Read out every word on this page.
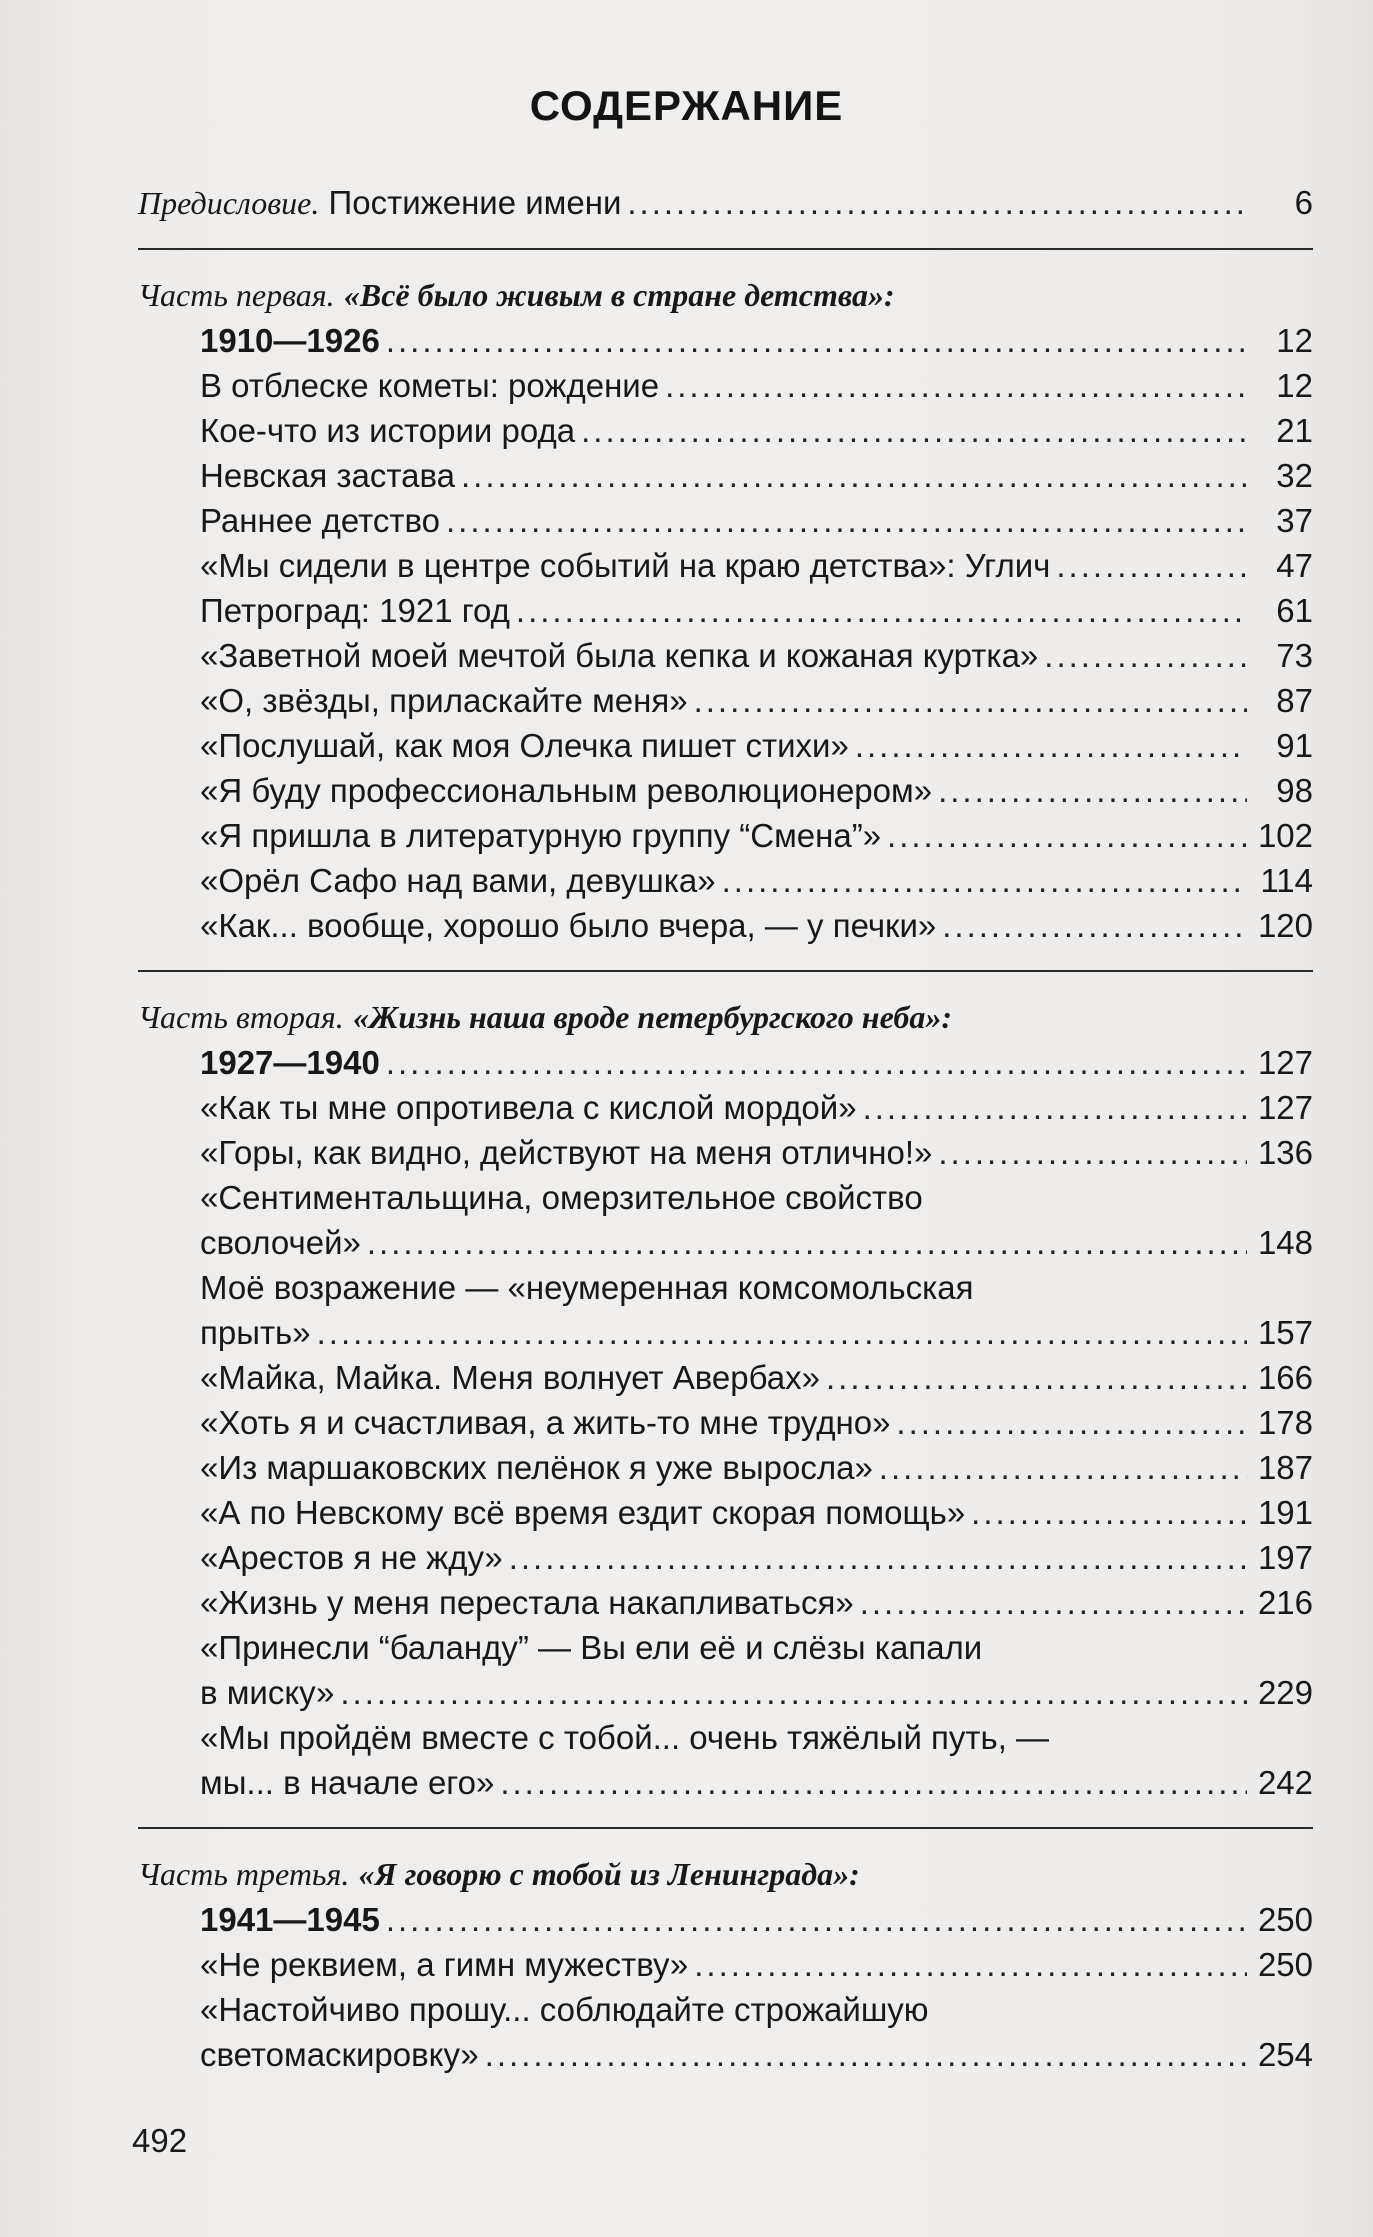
СОДЕРЖАНИЕ
Предисловие. Постижение имени .....	6
Часть первая. «Всё было живым в стране детства»:
1910—1926 .....	12
В отблеске кометы: рождение .....	12
Кое-что из истории рода .....	21
Невская застава .....	32
Раннее детство .....	37
«Мы сидели в центре событий на краю детства»: Углич .....	47
Петроград: 1921 год .....	61
«Заветной моей мечтой была кепка и кожаная куртка» .....	73
«О, звёзды, приласкайте меня» .....	87
«Послушай, как моя Олечка пишет стихи» .....	91
«Я буду профессиональным революционером» .....	98
«Я пришла в литературную группу “Смена”» .....	102
«Орёл Сафо над вами, девушка» .....	114
«Как... вообще, хорошо было вчера, — у печки» .....	120
Часть вторая. «Жизнь наша вроде петербургского неба»:
1927—1940 .....	127
«Как ты мне опротивела с кислой мордой» .....	127
«Горы, как видно, действуют на меня отлично!» .....	136
«Сентиментальщина, омерзительное свойство
сволочей» .....	148
Моё возражение — «неумеренная комсомольская
прыть» .....	157
«Майка, Майка. Меня волнует Авербах» .....	166
«Хоть я и счастливая, а жить-то мне трудно» .....	178
«Из маршаковских пелёнок я уже выросла» .....	187
«А по Невскому всё время ездит скорая помощь» .....	191
«Арестов я не жду» .....	197
«Жизнь у меня перестала накапливаться» .....	216
«Принесли “баланду” — Вы ели её и слёзы капали
в миску» .....	229
«Мы пройдём вместе с тобой... очень тяжёлый путь, —
мы... в начале его» .....	242
Часть третья. «Я говорю с тобой из Ленинграда»:
1941—1945 .....	250
«Не реквием, а гимн мужеству» .....	250
«Настойчиво прошу... соблюдайте строжайшую
светомаскировку» .....	254
492
